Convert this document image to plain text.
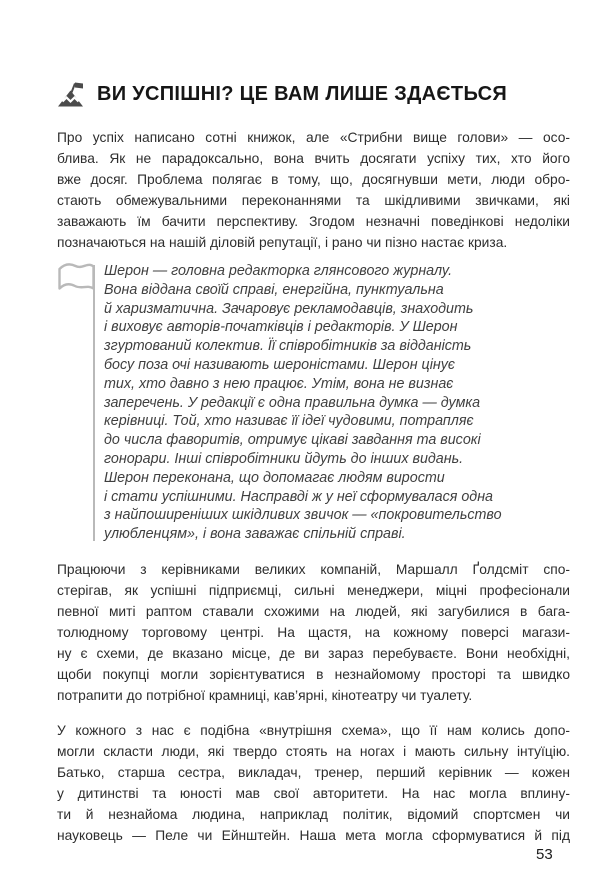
ВИ УСПІШНІ? ЦЕ ВАМ ЛИШЕ ЗДАЄТЬСЯ
Про успіх написано сотні книжок, але «Стрибни вище голови» — осо-
блива. Як не парадоксально, вона вчить досягати успіху тих, хто його
вже досяг. Проблема полягає в тому, що, досягнувши мети, люди обро-
стають обмежувальними переконаннями та шкідливими звичками, які
заважають їм бачити перспективу. Згодом незначні поведінкові недоліки
позначаються на нашій діловій репутації, і рано чи пізно настає криза.
Шерон — головна редакторка глянсового журналу.
Вона віддана своїй справі, енергійна, пунктуальна
й харизматична. Зачаровує рекламодавців, знаходить
і виховує авторів-початківців і редакторів. У Шерон
згуртований колектив. Її співробітників за відданість
босу поза очі називають шероністами. Шерон цінує
тих, хто давно з нею працює. Утім, вона не визнає
заперечень. У редакції є одна правильна думка — думка
керівниці. Той, хто називає її ідеї чудовими, потрапляє
до числа фаворитів, отримує цікаві завдання та високі
гонорари. Інші співробітники йдуть до інших видань.
Шерон переконана, що допомагає людям вирости
і стати успішними. Насправді ж у неї сформувалася одна
з найпоширеніших шкідливих звичок — «покровительство
улюбленцям», і вона заважає спільній справі.
Працюючи з керівниками великих компаній, Маршалл Ґолдсміт спо-
стерігав, як успішні підприємці, сильні менеджери, міцні професіонали
певної миті раптом ставали схожими на людей, які загубилися в бага-
толюдному торговому центрі. На щастя, на кожному поверсі магази-
ну є схеми, де вказано місце, де ви зараз перебуваєте. Вони необхідні,
щоби покупці могли зорієнтуватися в незнайомому просторі та швидко
потрапити до потрібної крамниці, кав’ярні, кінотеатру чи туалету.
У кожного з нас є подібна «внутрішня схема», що її нам колись допо-
могли скласти люди, які твердо стоять на ногах і мають сильну інтуїцію.
Батько, старша сестра, викладач, тренер, перший керівник — кожен
у дитинстві та юності мав свої авторитети. На нас могла вплину-
ти й незнайома людина, наприклад політик, відомий спортсмен чи
науковець — Пеле чи Ейнштейн. Наша мета могла сформуватися й під
53
